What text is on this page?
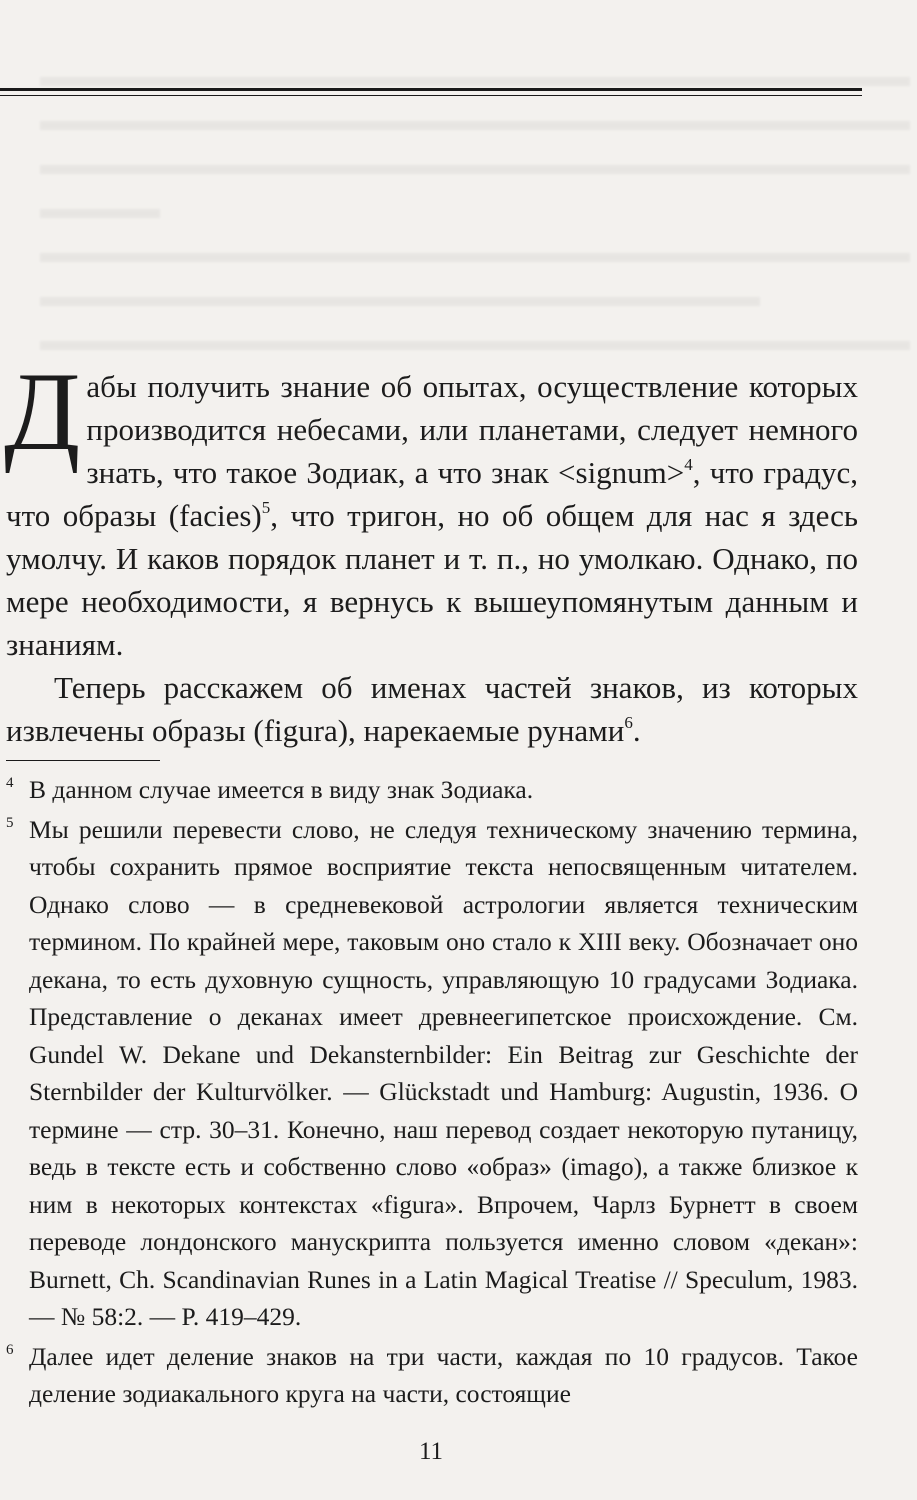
▬▬▬▬▬▬▬▬▬▬▬▬▬▬▬▬▬▬▬▬▬▬▬▬▬▬▬▬▬
▬▬▬▬▬▬▬▬▬▬▬▬▬▬▬▬▬▬▬▬▬▬▬▬▬▬▬▬▬
▬▬▬▬▬▬▬▬▬▬▬▬▬▬▬▬▬▬▬▬▬▬▬▬▬▬▬▬▬
▬▬▬▬
▬▬▬▬▬▬▬▬▬▬▬▬▬▬▬▬▬▬▬▬▬▬▬▬▬▬▬▬▬
▬▬▬▬▬▬▬▬▬▬▬▬▬▬▬▬▬▬▬▬▬▬▬▬
▬▬▬▬▬▬▬▬▬▬▬▬▬▬▬▬▬▬▬▬▬▬▬▬▬▬▬▬▬

Дабы получить знание об опытах, осуществление которых производится небесами, или планетами, следует немного знать, что такое Зодиак, а что знак <signum>$^4$, что градус, что образы (facies)$^5$, что тригон, но об общем для нас я здесь умолчу. И каков порядок планет и т. п., но умолкаю. Однако, по мере необходимости, я вернусь к вышеупомянутым данным и знаниям.

Теперь расскажем об именах частей знаков, из которых извлечены образы (figura), нарекаемые рунами$^6$.

4 В данном случае имеется в виду знак Зодиака.
5 Мы решили перевести слово, не следуя техническому значению термина, чтобы сохранить прямое восприятие текста непосвященным читателем. Однако слово — в средневековой астрологии является техническим термином. По крайней мере, таковым оно стало к XIII веку. Обозначает оно декана, то есть духовную сущность, управляющую 10 градусами Зодиака. Представление о деканах имеет древнеегипетское происхождение. См. Gundel W. Dekane und Dekansternbilder: Ein Beitrag zur Geschichte der Sternbilder der Kulturvölker. — Glückstadt und Hamburg: Augustin, 1936. О термине — стр. 30–31. Конечно, наш перевод создает некоторую путаницу, ведь в тексте есть и собственно слово «образ» (imago), а также близкое к ним в некоторых контекстах «figura». Впрочем, Чарлз Бурнетт в своем переводе лондонского манускрипта пользуется именно словом «декан»: Burnett, Ch. Scandinavian Runes in a Latin Magical Treatise // Speculum, 1983. — № 58:2. — P. 419–429.
6 Далее идет деление знаков на три части, каждая по 10 градусов. Такое деление зодиакального круга на части, состоящие
11
